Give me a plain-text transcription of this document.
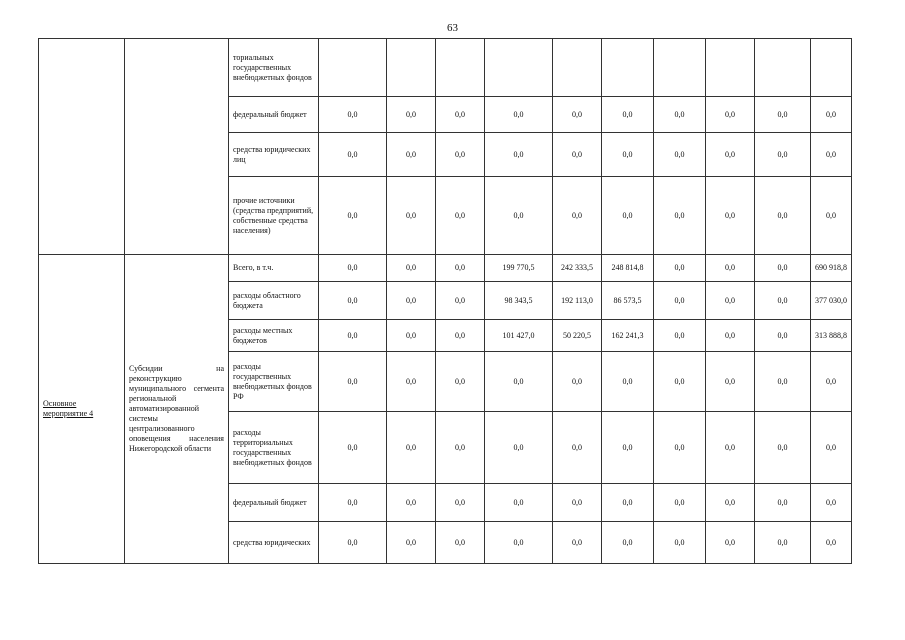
63
		ториальных государственных внебюджетных фондов										
		федеральный бюджет	0,0	0,0	0,0	0,0	0,0	0,0	0,0	0,0	0,0	0,0
		средства юридических лиц	0,0	0,0	0,0	0,0	0,0	0,0	0,0	0,0	0,0	0,0
		прочие источники (средства предприятий, собственные средства населения)	0,0	0,0	0,0	0,0	0,0	0,0	0,0	0,0	0,0	0,0
Основное мероприятие 4	Субсидии на реконструкцию муниципального сегмента региональной автоматизированной системы централизованного оповещения населения Нижегородской области	Всего, в т.ч.	0,0	0,0	0,0	199 770,5	242 333,5	248 814,8	0,0	0,0	0,0	690 918,8
		расходы областного бюджета	0,0	0,0	0,0	98 343,5	192 113,0	86 573,5	0,0	0,0	0,0	377 030,0
		расходы местных бюджетов	0,0	0,0	0,0	101 427,0	50 220,5	162 241,3	0,0	0,0	0,0	313 888,8
		расходы государственных внебюджетных фондов РФ	0,0	0,0	0,0	0,0	0,0	0,0	0,0	0,0	0,0	0,0
		расходы территориальных государственных внебюджетных фондов	0,0	0,0	0,0	0,0	0,0	0,0	0,0	0,0	0,0	0,0
		федеральный бюджет	0,0	0,0	0,0	0,0	0,0	0,0	0,0	0,0	0,0	0,0
		средства юридических	0,0	0,0	0,0	0,0	0,0	0,0	0,0	0,0	0,0	0,0
